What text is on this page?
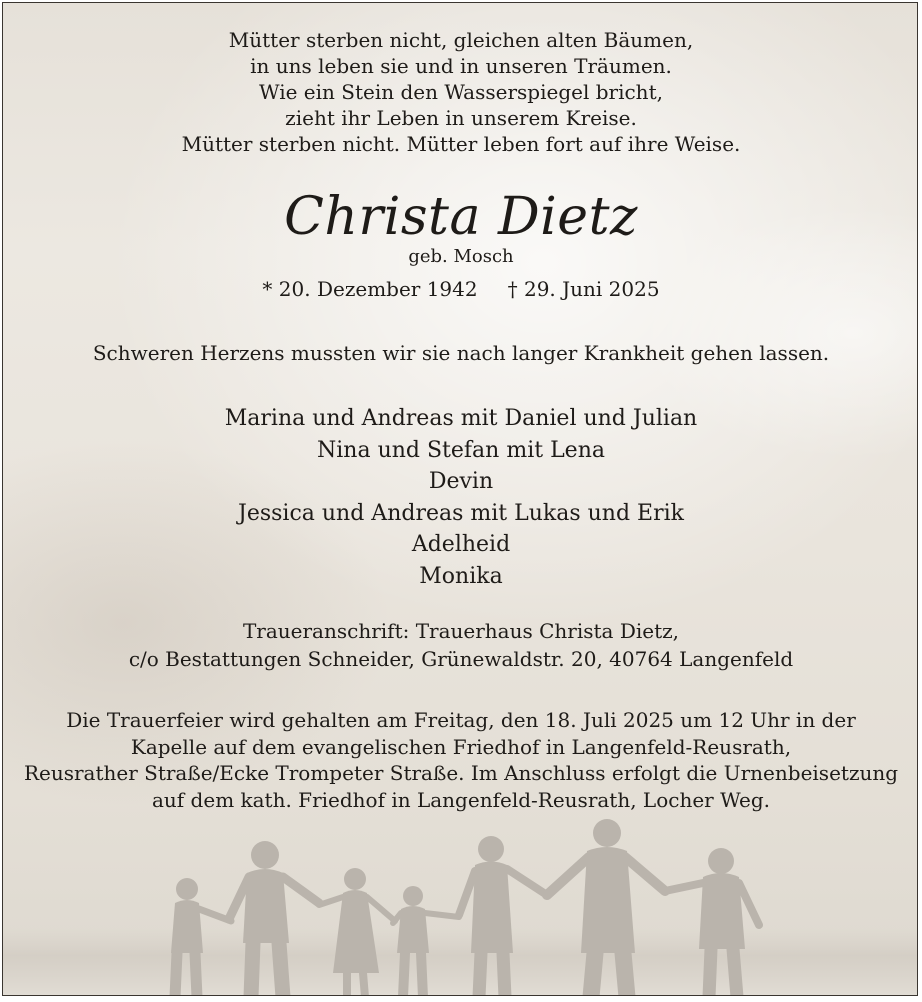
Mütter sterben nicht, gleichen alten Bäumen,
in uns leben sie und in unseren Träumen.
Wie ein Stein den Wasserspiegel bricht,
zieht ihr Leben in unserem Kreise.
Mütter sterben nicht. Mütter leben fort auf ihre Weise.
Christa Dietz
geb. Mosch
* 20. Dezember 1942 † 29. Juni 2025
Schweren Herzens mussten wir sie nach langer Krankheit gehen lassen.
Marina und Andreas mit Daniel und Julian
Nina und Stefan mit Lena
Devin
Jessica und Andreas mit Lukas und Erik
Adelheid
Monika
Traueranschrift: Trauerhaus Christa Dietz,
c/o Bestattungen Schneider, Grünewaldstr. 20, 40764 Langenfeld
Die Trauerfeier wird gehalten am Freitag, den 18. Juli 2025 um 12 Uhr in der
Kapelle auf dem evangelischen Friedhof in Langenfeld-Reusrath,
Reusrather Straße/Ecke Trompeter Straße. Im Anschluss erfolgt die Urnenbeisetzung
auf dem kath. Friedhof in Langenfeld-Reusrath, Locher Weg.
